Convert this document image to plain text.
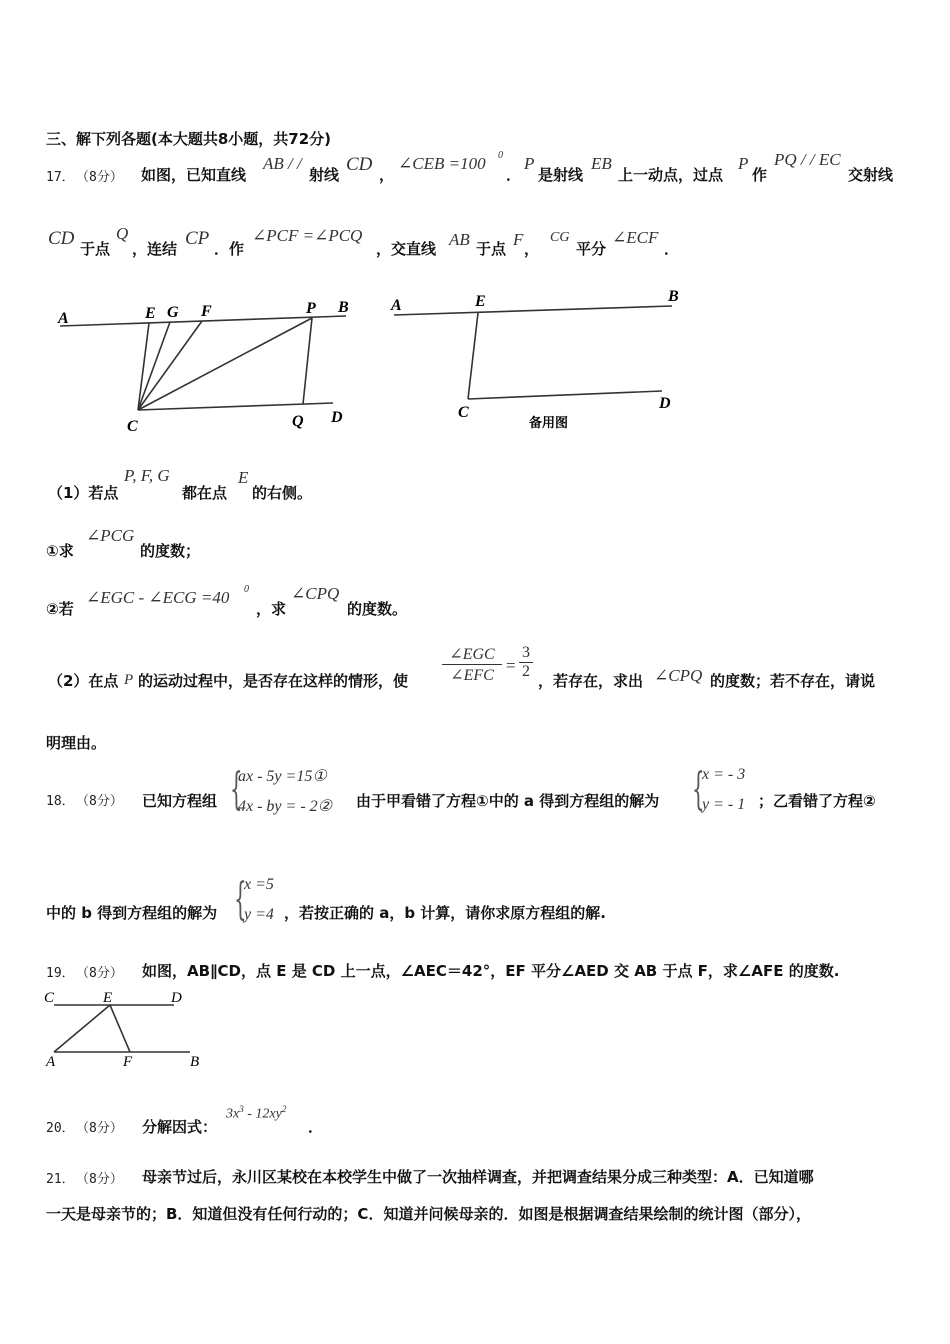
三、解下列各题(本大题共8小题，共72分)
17． （8分） 如图，已知直线
AB / /
射线 CD ，
∠CEB =100 0
．
P
是射线
EB
上一动点，过点
P
作
PQ / / EC
交射线
CD 于点
Q
，连结 CP ．作
∠PCF =∠PCQ
，交直线 AB 于点 F ，
CG
平分
∠ECF
．
A	E G F	P B
C	Q D
A	E	B
C
D
备用图
（1）若点
P, F, G
都在点
E
的右侧。
①求
∠PCG
的度数；
②若
∠EGC - ∠ECG =40 0
，求
∠CPQ
的度数。
（2）在点 P 的运动过程中，是否存在这样的情形，使
∠EGC
∠EFC
=
3
2
，若存在，求出 ∠CPQ 的度数；若不存在，请说
明理由。
18． （8分） 已知方程组 {
ax - 5y =15①
4x - by = - 2② 由于甲看错了方程①中的 a 得到方程组的解为 {
x = - 3
y = - 1 ；乙看错了方程②
中的 b 得到方程组的解为 {
x =5
y =4 ，若按正确的 a，b 计算，请你求原方程组的解.
19． （8分） 如图，AB∥CD，点 E 是 CD 上一点，∠AEC＝42°，EF 平分∠AED 交 AB 于点 F，求∠AFE 的度数.
C	E	D
A	F	B
20． （8分） 分解因式：
$3x^3 - 12xy^2$
．
21． （8分） 母亲节过后，永川区某校在本校学生中做了一次抽样调查，并把调查结果分成三种类型：A．已知道哪
一天是母亲节的；B．知道但没有任何行动的；C．知道并问候母亲的．如图是根据调查结果绘制的统计图（部分），
